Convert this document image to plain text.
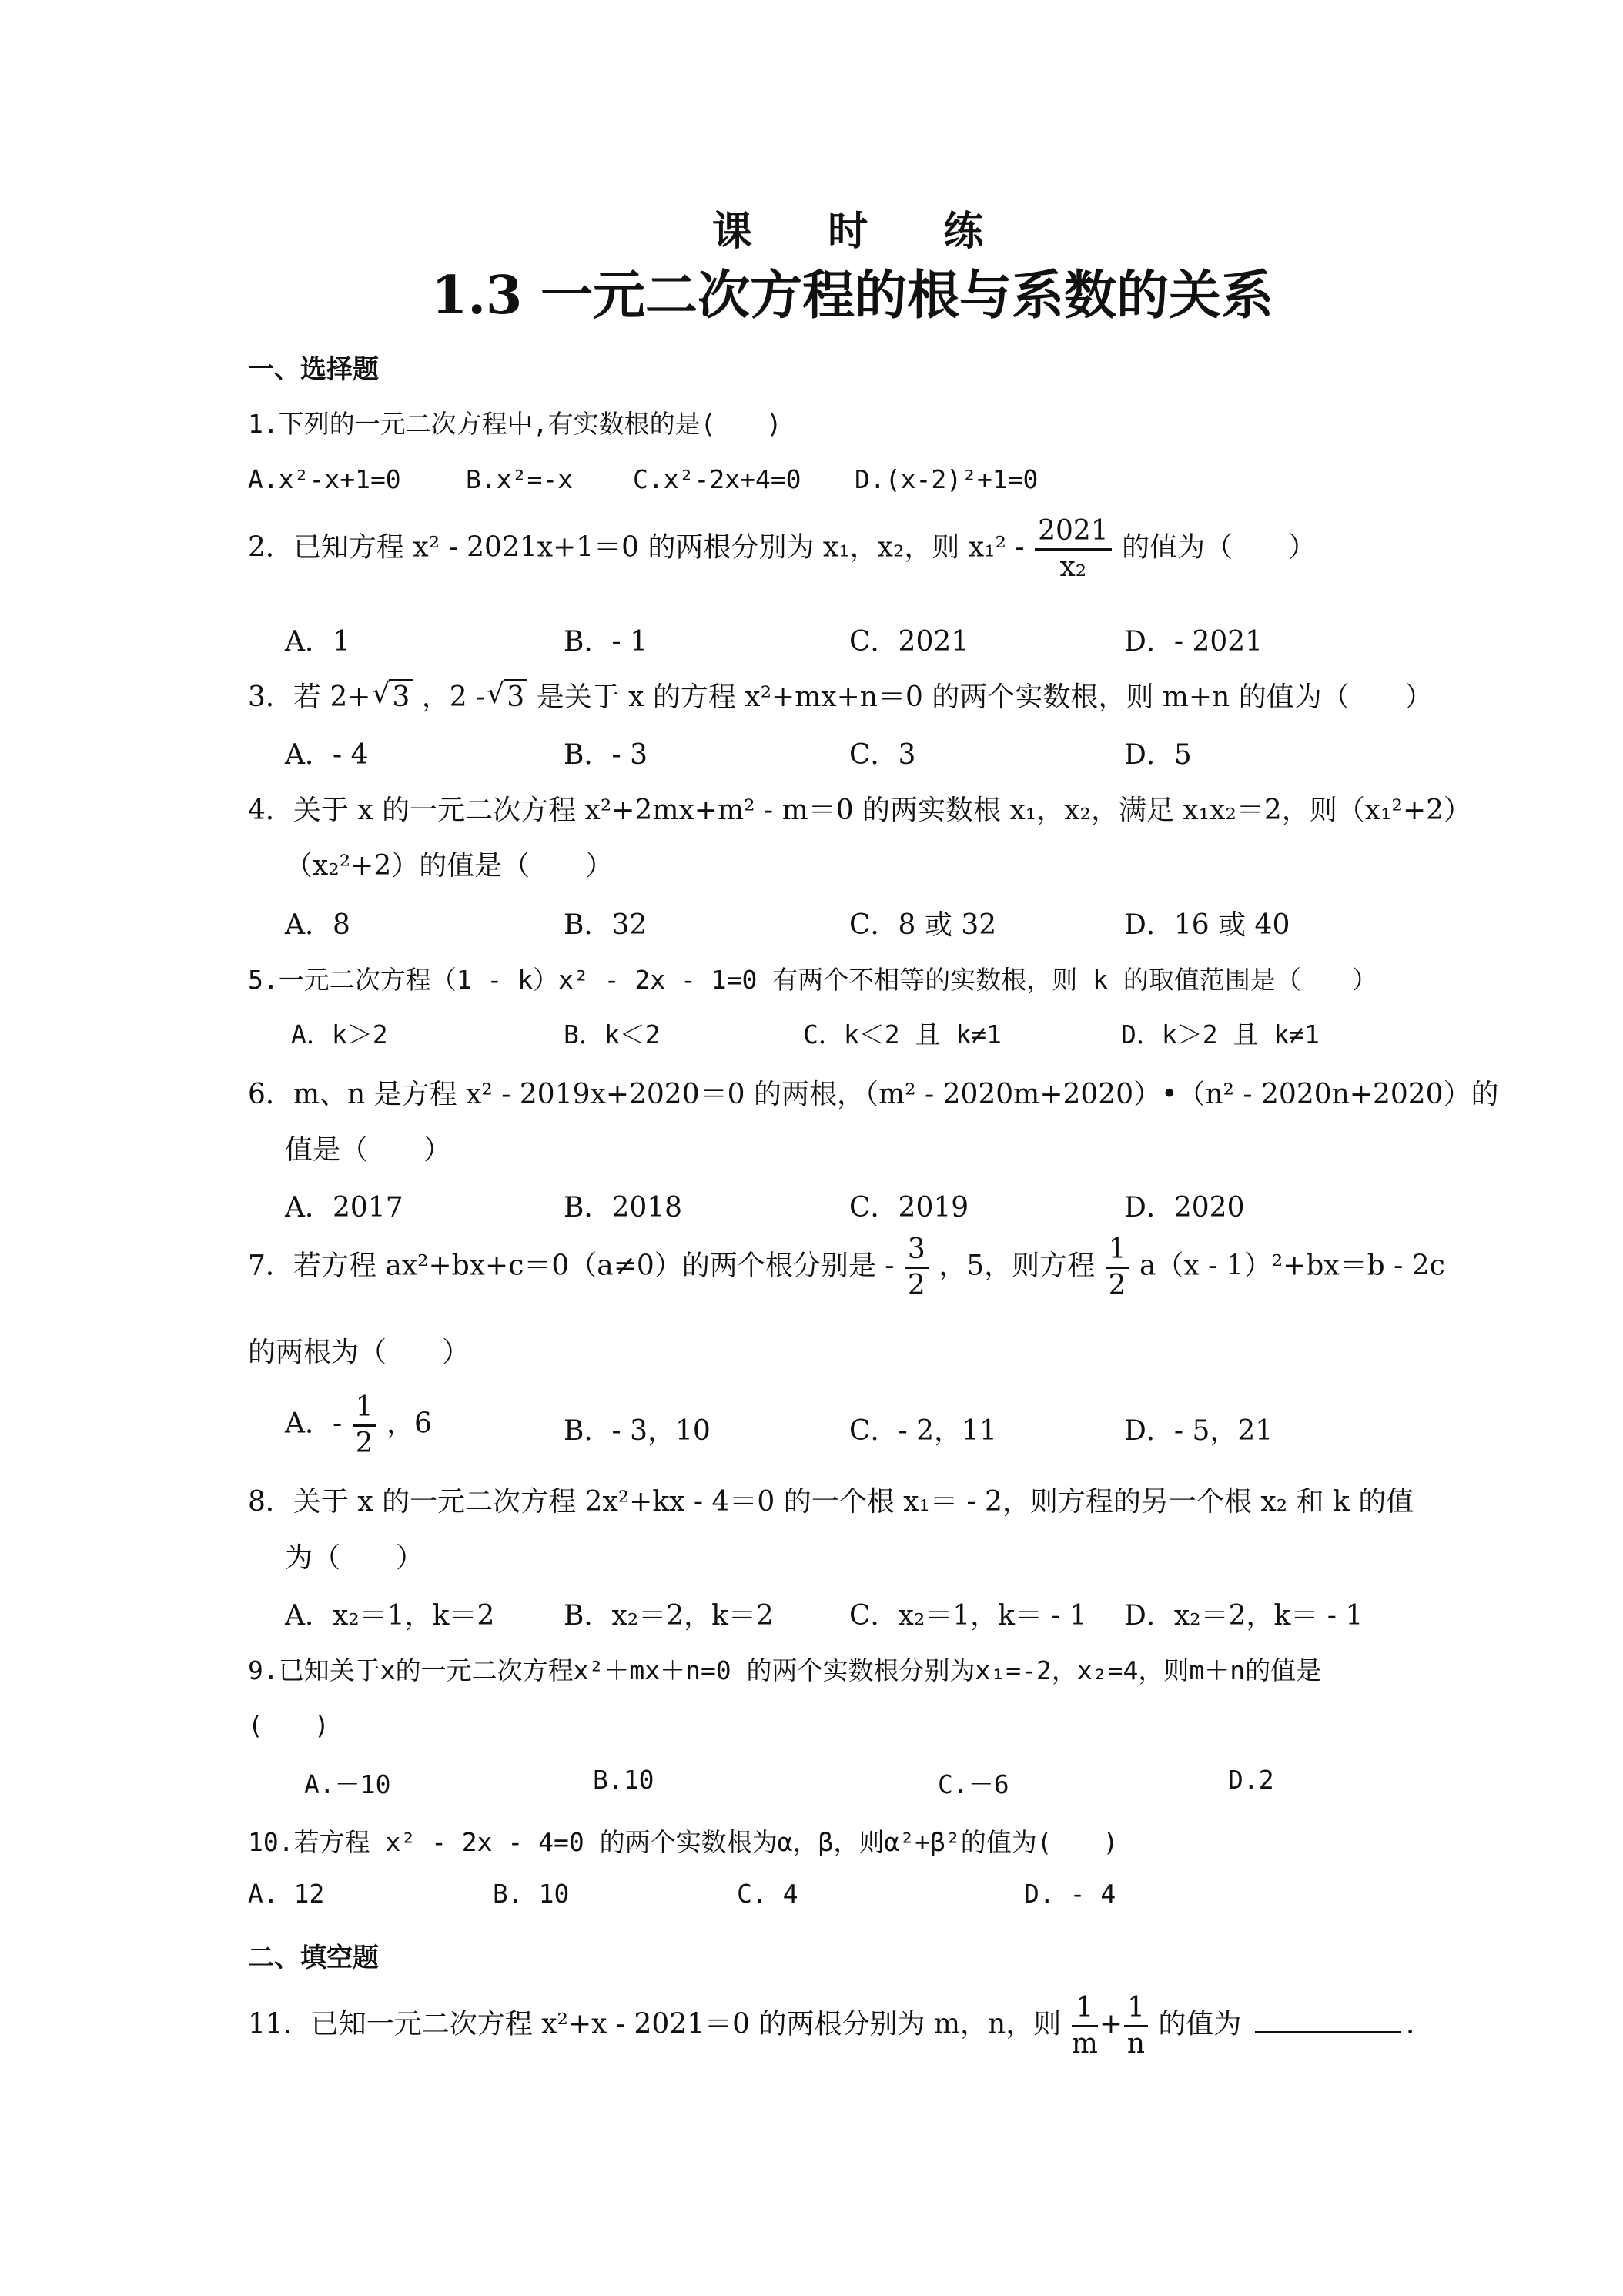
课 时 练
1.3 一元二次方程的根与系数的关系
一、选择题
1.下列的一元二次方程中,有实数根的是(　　)
A.x²-x+1=0	B.x²=-x C.x²-2x+4=0 D.(x-2)²+1=0
2．已知方程 x² - 2021x+1＝0 的两根分别为 x₁，x₂，则 $x_1^2 - \frac{2021}{\text{x₂}}$ 的值为（　　）
A．1	B．- 1	C．2021	D．- 2021
3．若 2+ √ 3 ，2 - √ 3 是关于 x 的方程 x²+mx+n＝0 的两个实数根，则 m+n 的值为（　　）
A．- 4	B．- 3	C．3	D．5
4．关于 x 的一元二次方程 x²+2mx+m² - m＝0 的两实数根 x₁，x₂，满足 x₁x₂＝2，则（x₁²+2）
（x₂²+2）的值是（　　）
A．8	B．32	C．8 或 32	D．16 或 40
5.一元二次方程（1 - k）x² - 2x - 1=0 有两个不相等的实数根，则 k 的取值范围是（　　）
A．k＞2	B．k＜2	C．k＜2 且 k≠1	D．k＞2 且 k≠1
6．m、n 是方程 x² - 2019x+2020＝0 的两根，（m² - 2020m+2020）•（n² - 2020n+2020）的
值是（　　）
A．2017	B．2018	C．2019	D．2020
7．若方程 ax²+bx+c＝0（a≠0）的两个根分别是 - $\frac{3}{2}$ ，5，则方程 $\frac{1}{2} a(x - 1)^2+bx=b - 2c$
的两根为（　　）
A．- $\frac{1}{2}$ ，6	B．- 3，10	C．- 2，11	D．- 5，21
8．关于 x 的一元二次方程 2x²+kx - 4＝0 的一个根 x₁＝ - 2，则方程的另一个根 x₂ 和 k 的值
为（　　）
A．x₂＝1，k＝2 B．x₂＝2，k＝2	C．x₂＝1，k＝ - 1 D．x₂＝2，k＝ - 1
9.已知关于x的一元二次方程x²＋mx＋n=0 的两个实数根分别为x₁=-2，x₂=4，则m＋n的值是
(　　)
A.－10	B.10	C.－6	D.2
10.若方程 x² - 2x - 4=0 的两个实数根为α，β，则α²+β²的值为(　　)
A. 12	B. 10	C. 4	D. - 4
二、填空题
11．已知一元二次方程 x²+x - 2021＝0 的两根分别为 m，n，则 $\frac{1}{m} + \frac{1}{n}$ 的值为	.
